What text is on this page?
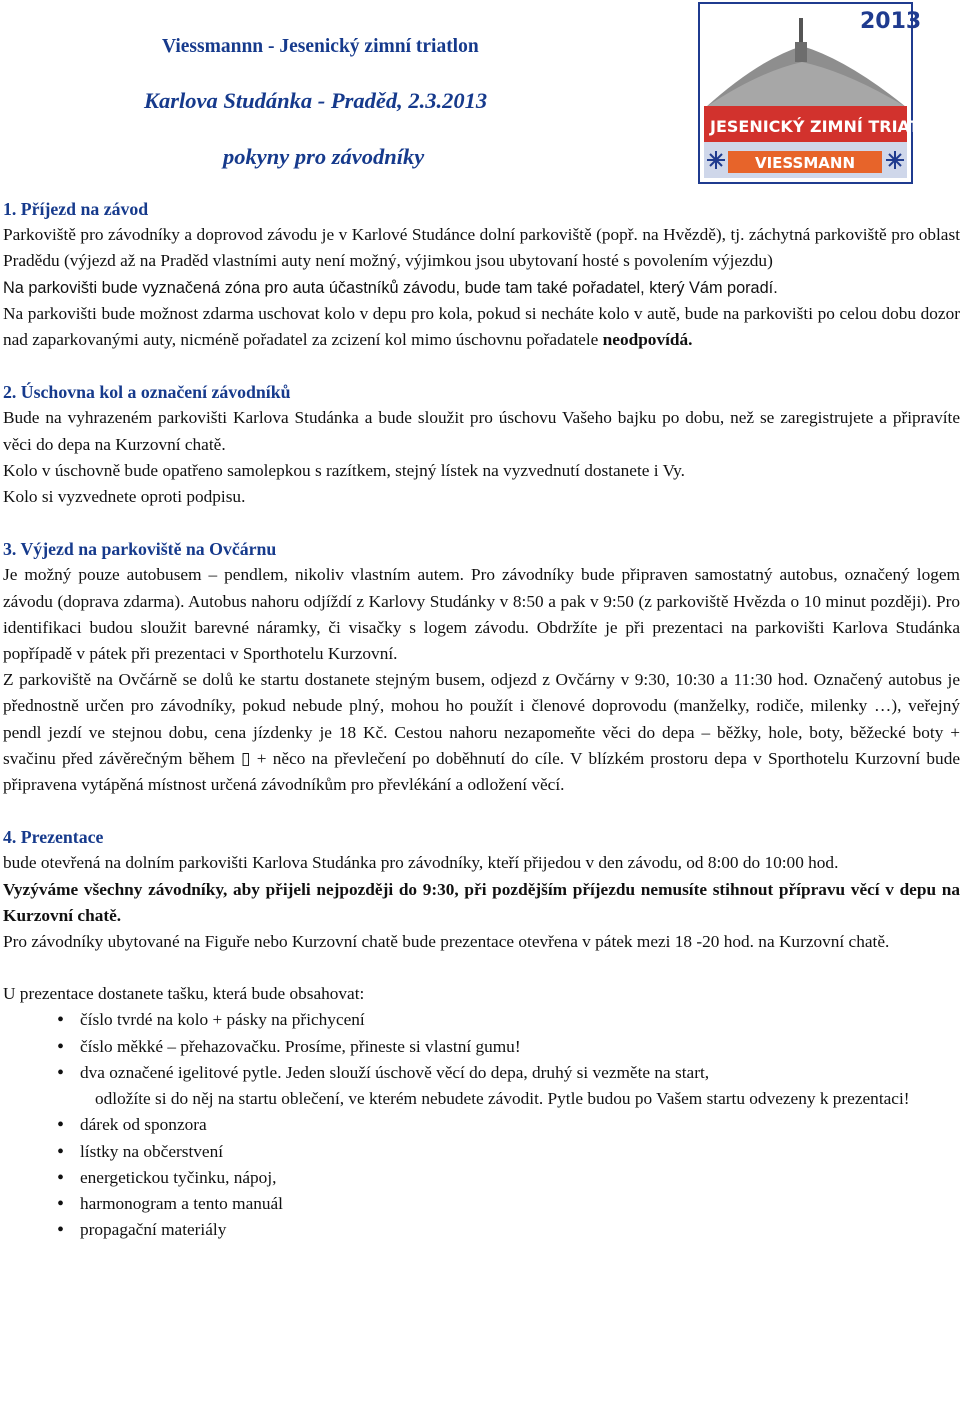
Viessmannn - Jesenický zimní triatlon
Karlova Studánka - Praděd, 2.3.2013
pokyny pro závodníky
2013
JESENICKÝ ZIMNÍ TRIATLON
VIESSMANN
1. Příjezd na závod

Parkoviště pro závodníky a doprovod závodu je v Karlové Studánce dolní parkoviště (popř. na Hvězdě), tj. záchytná parkoviště pro oblast Pradědu (výjezd až na Praděd vlastními auty není možný, výjimkou jsou ubytovaní hosté s povolením výjezdu)

Na parkovišti bude vyznačená zóna pro auta účastníků závodu, bude tam také pořadatel, který Vám poradí.

Na parkovišti bude možnost zdarma uschovat kolo v depu pro kola, pokud si necháte kolo v autě, bude na parkovišti po celou dobu dozor nad zaparkovanými auty, nicméně pořadatel za zcizení kol mimo úschovnu pořadatele neodpovídá.

2. Úschovna kol a označení závodníků

Bude na vyhrazeném parkovišti Karlova Studánka a bude sloužit pro úschovu Vašeho bajku po dobu, než se zaregistrujete a připravíte věci do depa na Kurzovní chatě.

Kolo v úschovně bude opatřeno samolepkou s razítkem, stejný lístek na vyzvednutí dostanete i Vy.

Kolo si vyzvednete oproti podpisu.

3. Výjezd na parkoviště na Ovčárnu

Je možný pouze autobusem – pendlem, nikoliv vlastním autem. Pro závodníky bude připraven samostatný autobus, označený logem závodu (doprava zdarma). Autobus nahoru odjíždí z Karlovy Studánky v 8:50 a pak v 9:50 (z parkoviště Hvězda o 10 minut později). Pro identifikaci budou sloužit barevné náramky, či visačky s logem závodu. Obdržíte je při prezentaci na parkovišti Karlova Studánka popřípadě v pátek při prezentaci v Sporthotelu Kurzovní.

Z parkoviště na Ovčárně se dolů ke startu dostanete stejným busem, odjezd z Ovčárny v 9:30, 10:30 a 11:30 hod. Označený autobus je přednostně určen pro závodníky, pokud nebude plný, mohou ho použít i členové doprovodu (manželky, rodiče, milenky …), veřejný pendl jezdí ve stejnou dobu, cena jízdenky je 18 Kč. Cestou nahoru nezapomeňte věci do depa – běžky, hole, boty, běžecké boty + svačinu před závěrečným během ▯ + něco na převlečení po doběhnutí do cíle. V blízkém prostoru depa v Sporthotelu Kurzovní bude připravena vytápěná místnost určená závodníkům pro převlékání a odložení věcí.

4. Prezentace

bude otevřená na dolním parkovišti Karlova Studánka pro závodníky, kteří přijedou v den závodu, od 8:00 do 10:00 hod.

Vyzýváme všechny závodníky, aby přijeli nejpozději do 9:30, při pozdějším příjezdu nemusíte stihnout přípravu věcí v depu na Kurzovní chatě.

Pro závodníky ubytované na Figuře nebo Kurzovní chatě bude prezentace otevřena v pátek mezi 18 -20 hod. na Kurzovní chatě.

U prezentace dostanete tašku, která bude obsahovat:

• číslo tvrdé na kolo + pásky na přichycení
• číslo měkké – přehazovačku. Prosíme, přineste si vlastní gumu!
• dva označené igelitové pytle. Jeden slouží úschově věcí do depa, druhý si vezměte na start,
odložíte si do něj na startu oblečení, ve kterém nebudete závodit. Pytle budou po Vašem startu odvezeny k prezentaci!
• dárek od sponzora
• lístky na občerstvení
• energetickou tyčinku, nápoj,
• harmonogram a tento manuál
• propagační materiály
